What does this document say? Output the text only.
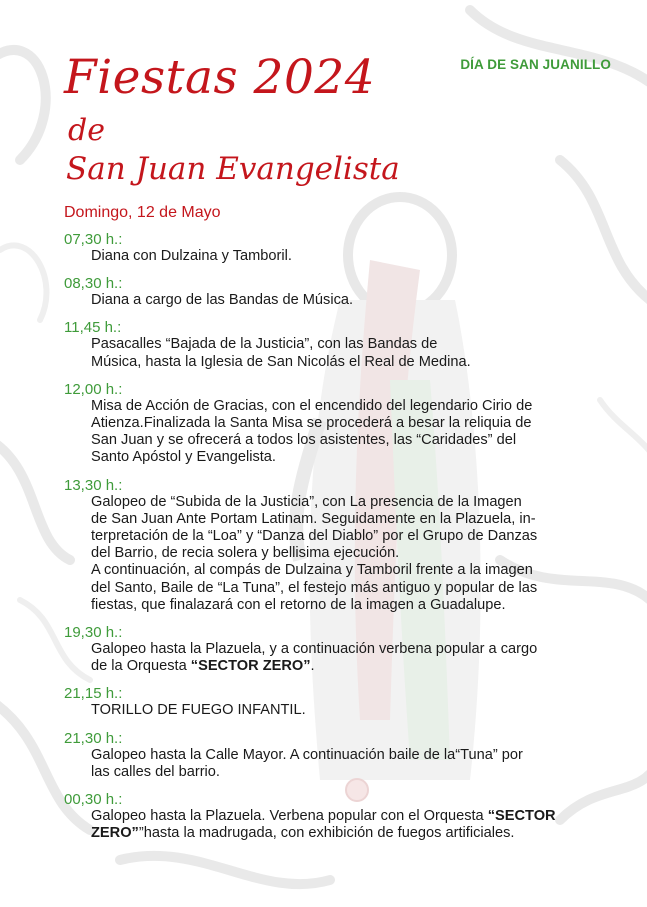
DÍA DE SAN JUANILLO
Fiestas 2024
de
San Juan Evangelista
Domingo, 12 de Mayo
07,30 h.:
Diana con Dulzaina y Tamboril.
08,30 h.:
Diana a cargo de las Bandas de Música.
11,45 h.:
Pasacalles “Bajada de la Justicia”, con las Bandas de
Música, hasta la Iglesia de San Nicolás el Real de Medina.
12,00 h.:
Misa de Acción de Gracias, con el encendido del legendario Cirio de
Atienza.Finalizada la Santa Misa se procederá a besar la reliquia de
San Juan y se ofrecerá a todos los asistentes, las “Caridades” del
Santo Apóstol y Evangelista.
13,30 h.:
Galopeo de “Subida de la Justicia”, con La presencia de la Imagen
de San Juan Ante Portam Latinam. Seguidamente en la Plazuela, in-
terpretación de la “Loa” y “Danza del Diablo” por el Grupo de Danzas
del Barrio, de recia solera y bellisima ejecución.
A continuación, al compás de Dulzaina y Tamboril frente a la imagen
del Santo, Baile de “La Tuna”, el festejo más antiguo y popular de las
fiestas, que finalazará con el retorno de la imagen a Guadalupe.
19,30 h.:
Galopeo hasta la Plazuela, y a continuación verbena popular a cargo
de la Orquesta “SECTOR ZERO”.
21,15 h.:
TORILLO DE FUEGO INFANTIL.
21,30 h.:
Galopeo hasta la Calle Mayor. A continuación baile de la“Tuna” por
las calles del barrio.
00,30 h.:
Galopeo hasta la Plazuela. Verbena popular con el Orquesta “SECTOR
ZERO””hasta la madrugada, con exhibición de fuegos artificiales.
